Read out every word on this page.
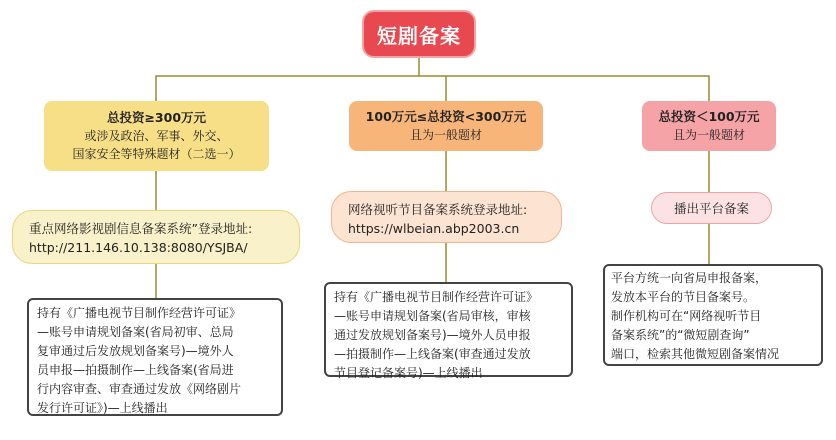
短剧备案
总投资≥300万元
或涉及政治、军事、外交、
国家安全等特殊题材（二选一）
重点网络影视剧信息备案系统”登录地址:
http://211.146.10.138:8080/YSJBA/
持有《广播电视节目制作经营许可证》
—账号申请规划备案(省局初审、总局
复审通过后发放规划备案号)—境外人
员申报—拍摄制作—上线备案(省局进
行内容审查、审查通过发放《网络剧片
发行许可证》)—上线播出
100万元≤总投资<300万元
且为一般题材
网络视听节目备案系统登录地址:
https://wlbeian.abp2003.cn
持有《广播电视节目制作经营许可证》
—账号申请规划备案(省局审核，审核
通过发放规划备案号)—境外人员申报
—拍摄制作—上线备案(审查通过发放
节目登记备案号)—上线播出
总投资＜100万元
且为一般题材
播出平台备案
平台方统一向省局申报备案，
发放本平台的节目备案号。
制作机构可在“网络视听节目
备案系统”的“微短剧查询”
端口，检索其他微短剧备案情况
